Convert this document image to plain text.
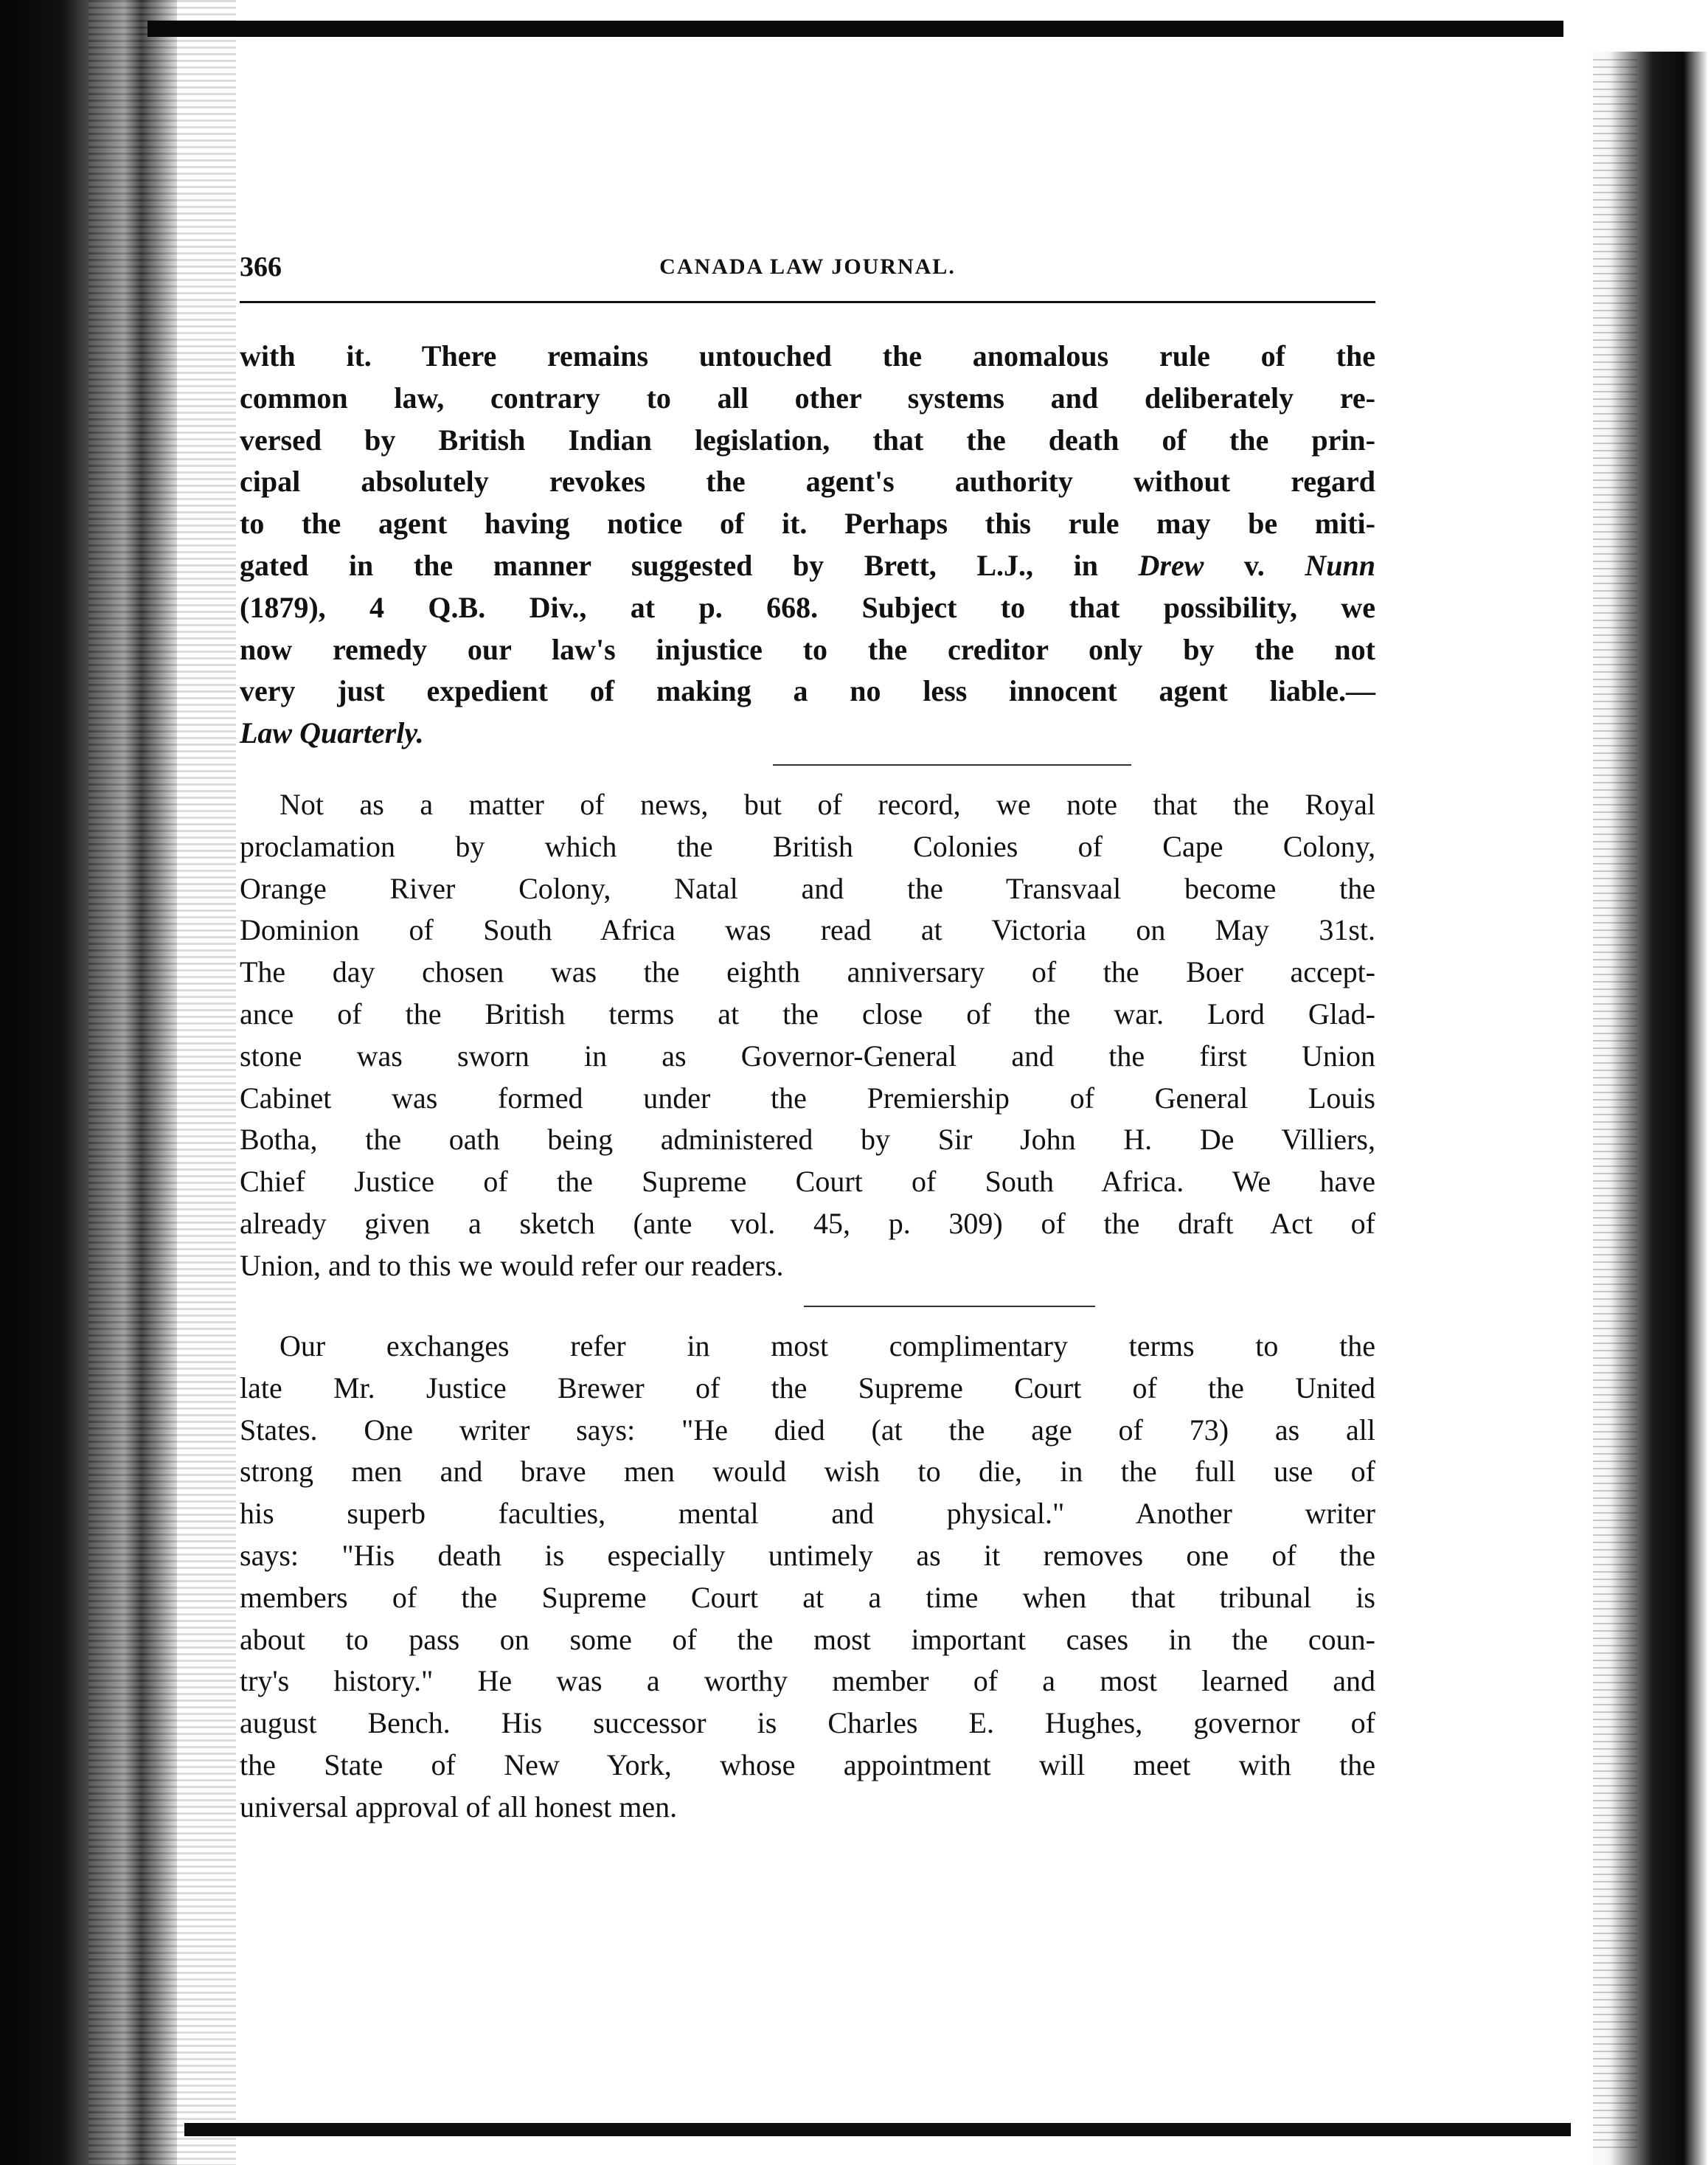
366	CANADA LAW JOURNAL.
with it. There remains untouched the anomalous rule of the
common law, contrary to all other systems and deliberately re-
versed by British Indian legislation, that the death of the prin-
cipal absolutely revokes the agent's authority without regard
to the agent having notice of it. Perhaps this rule may be miti-
gated in the manner suggested by Brett, L.J., in Drew v. Nunn
(1879), 4 Q.B. Div., at p. 668. Subject to that possibility, we
now remedy our law's injustice to the creditor only by the not
very just expedient of making a no less innocent agent liable.—
Law Quarterly.
Not as a matter of news, but of record, we note that the Royal
proclamation by which the British Colonies of Cape Colony,
Orange River Colony, Natal and the Transvaal become the
Dominion of South Africa was read at Victoria on May 31st.
The day chosen was the eighth anniversary of the Boer accept-
ance of the British terms at the close of the war. Lord Glad-
stone was sworn in as Governor-General and the first Union
Cabinet was formed under the Premiership of General Louis
Botha, the oath being administered by Sir John H. De Villiers,
Chief Justice of the Supreme Court of South Africa. We have
already given a sketch (ante vol. 45, p. 309) of the draft Act of
Union, and to this we would refer our readers.
Our exchanges refer in most complimentary terms to the
late Mr. Justice Brewer of the Supreme Court of the United
States. One writer says: "He died (at the age of 73) as all
strong men and brave men would wish to die, in the full use of
his superb faculties, mental and physical." Another writer
says: "His death is especially untimely as it removes one of the
members of the Supreme Court at a time when that tribunal is
about to pass on some of the most important cases in the coun-
try's history." He was a worthy member of a most learned and
august Bench. His successor is Charles E. Hughes, governor of
the State of New York, whose appointment will meet with the
universal approval of all honest men.
